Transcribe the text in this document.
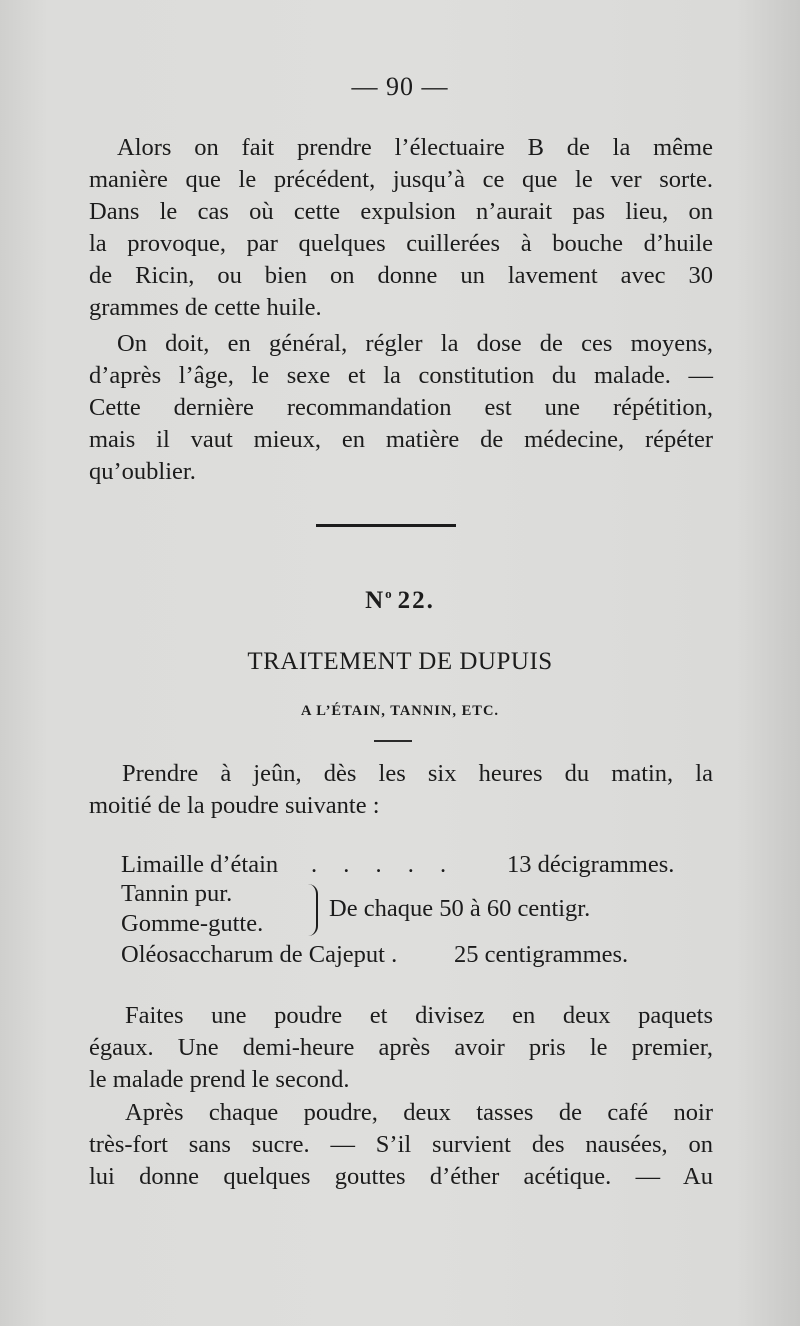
— 90 —
Alors on fait prendre l’électuaire B de la même
manière que le précédent, jusqu’à ce que le ver sorte.
Dans le cas où cette expulsion n’aurait pas lieu, on
la provoque, par quelques cuillerées à bouche d’huile
de Ricin, ou bien on donne un lavement avec 30
grammes de cette huile.
On doit, en général, régler la dose de ces moyens,
d’après l’âge, le sexe et la constitution du malade. —
Cette dernière recommandation est une répétition,
mais il vaut mieux, en matière de médecine, répéter
qu’oublier.
$N^o$ 22.
TRAITEMENT DE DUPUIS
A L’ÉTAIN, TANNIN, ETC.
Prendre à jeûn, dès les six heures du matin, la
moitié de la poudre suivante :
Limaille d’étain . . . . . 13 décigrammes.
Tannin pur.
Gomme-gutte.
De chaque 50 à 60 centigr.
Oléosaccharum de Cajeput . 25 centigrammes.
Faites une poudre et divisez en deux paquets
égaux. Une demi-heure après avoir pris le premier,
le malade prend le second.
Après chaque poudre, deux tasses de café noir
très-fort sans sucre. — S’il survient des nausées, on
lui donne quelques gouttes d’éther acétique. — Au
